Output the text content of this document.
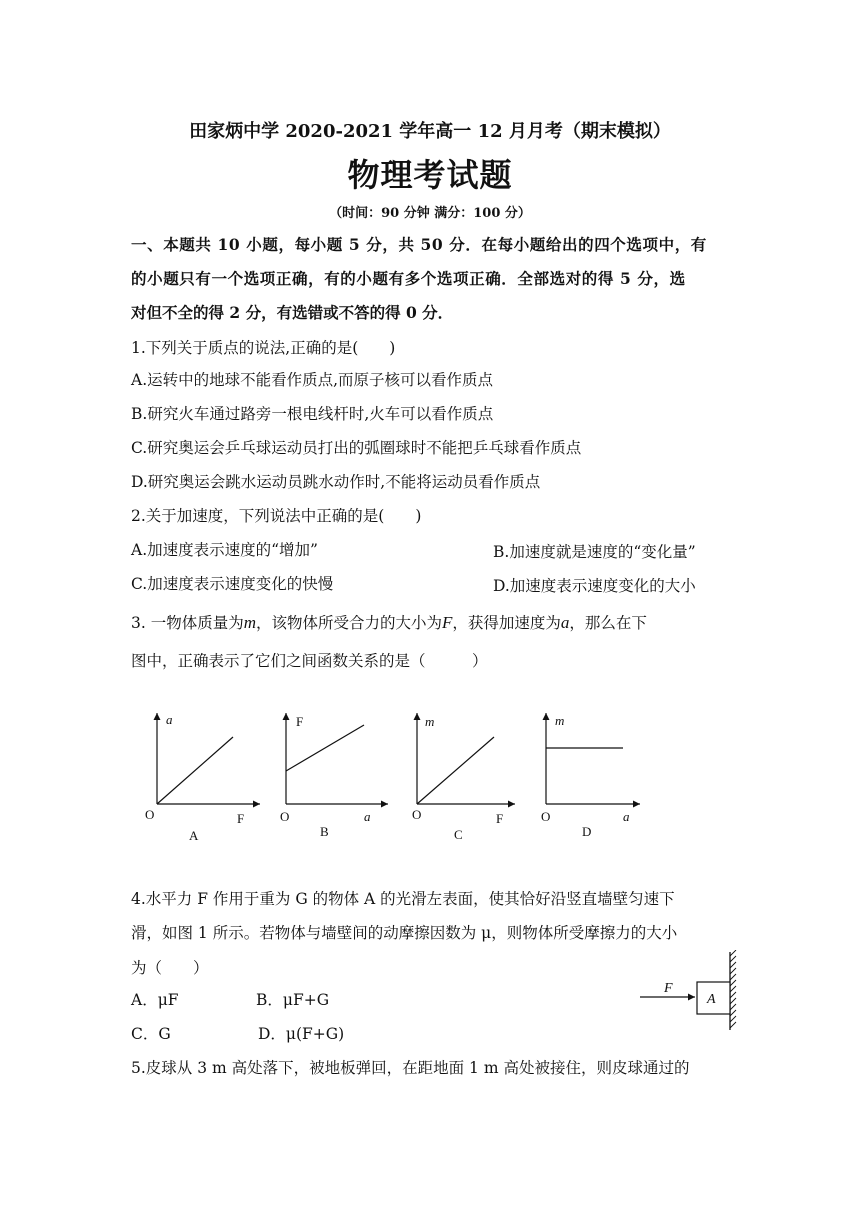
田家炳中学 2020-2021 学年高一 12 月月考（期末模拟）
物理考试题
（时间：90 分钟 满分：100 分）
一、本题共 10 小题，每小题 5 分，共 50 分．在每小题给出的四个选项中，有
的小题只有一个选项正确，有的小题有多个选项正确．全部选对的得 5 分，选
对但不全的得 2 分，有选错或不答的得 0 分．
1.下列关于质点的说法,正确的是(　　)
A.运转中的地球不能看作质点,而原子核可以看作质点
B.研究火车通过路旁一根电线杆时,火车可以看作质点
C.研究奥运会乒乓球运动员打出的弧圈球时不能把乒乓球看作质点
D.研究奥运会跳水运动员跳水动作时,不能将运动员看作质点
2.关于加速度，下列说法中正确的是(　　)
A.加速度表示速度的“增加”	B.加速度就是速度的“变化量”
C.加速度表示速度变化的快慢	D.加速度表示速度变化的大小
3. 一物体质量为m，该物体所受合力的大小为F，获得加速度为a，那么在下
图中，正确表示了它们之间函数关系的是（　　　）
a
F
O
A
F
a
O
B
m
F
O
C
m
a
O
D
4.水平力 F 作用于重为 G 的物体 A 的光滑左表面，使其恰好沿竖直墙壁匀速下
滑，如图 1 所示。若物体与墙壁间的动摩擦因数为 μ，则物体所受摩擦力的大小
为（　　）
A．μF	B．μF+G
C．G	D．μ(F+G)
A
F
5.皮球从 3 m 高处落下，被地板弹回，在距地面 1 m 高处被接住，则皮球通过的
